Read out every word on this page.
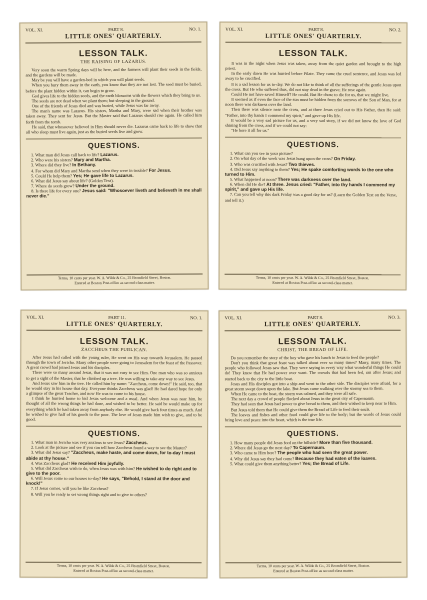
VOL. XI.	PART 8.	NO. 1.
LITTLE ONES' QUARTERLY.
LESSON TALK.
THE RAISING OF LAZARUS.

Very soon the warm Spring days will be here, and the farmers will plant their seeds in the fields, and the gardens will be made.

May be you will have a garden-bed in which you will plant seeds.

When you bury them away in the earth, you know that they are not lost. The seed must be buried, before the plant hidden within it, can begin to grow.

God gives life to the hidden seeds, and the earth blossoms with the flowers which they bring to us.

The seeds are not dead when we plant them; but sleeping in the ground.

One of the friends of Jesus died and was buried, while Jesus was far away.

The man's name was Lazarus. His sisters, Martha and Mary, were sad when their brother was taken away. They sent for Jesus. But the Master said that Lazarus should rise again. He called him forth from the tomb.

He said, that whosoever believed in Him should never die. Lazarus came back to life to show that all who sleep must live again, just as the buried seeds live and grow.

QUESTIONS.
1. What man did Jesus call back to life? Lazarus.
2. Who were his sisters? Mary and Martha.
3. Where did they live? In Bethany.
4. For whom did Mary and Martha send when they were in trouble? For Jesus.
5. Could He help them? Yes; He gave life to Lazarus.
6. What did Jesus say about life? (Golden Text).
7. Where do seeds grow? Under the ground.
8. Is there life for every one? Jesus said: "Whosoever liveth and believeth in me shall never die."
Terms, 10 cents per year. W. A. Wilde & Co., 25 Bromfield Street, Boston.
Entered at Boston Post-office as second-class matter.
VOL. XI.	PART 8.	NO. 2.
LITTLE ONES' QUARTERLY.
LESSON TALK.

It was in the night when Jesus was taken, away from the quiet garden and brought to the high priest.

In the early dawn He was hurried before Pilate. They came the cruel sentence, and Jesus was led away to be crucified.

It is a sad lesson for us to-day. We do not like to think of all the sufferings of the gentle Jesus upon the cross. But He who suffered thus, did not stay dead in the grave; He rose again.

Could He not have saved Himself? He could. But He chose to die for us, that we might live.

It seemed as if even the face of the sun must be hidden from the sorrows of the Son of Man, for at noon there was darkness over the land.

Then there was silence near the cross, and at three Jesus cried out to His Father, then He said: "Father, into thy hands I commend my spirit," and gave up His life.

It would be a very sad picture for us, and a very sad story, if we did not know the love of God shining from the cross, and if we could not say:

"He bore it all for us."

QUESTIONS.
1. What can you see in your picture?
2. On what day of the week was Jesus hung upon the cross? On Friday.
3. Who was crucified with Jesus? Two thieves.
4. Did Jesus say anything to them? Yes; He spake comforting words to the one who turned to Him.
5. What happened at noon? There was darkness over the land.
6. When did He die? At three. Jesus cried: "Father, into thy hands I commend my spirit," and gave up His life.
7. Can you tell why this dark Friday was a good day for us? (Learn the Golden Text on the Verse, and tell it.)
Terms, 10 cents per year. W. A. Wilde & Co., 25 Bromfield Street, Boston.
Entered at Boston Post-office as second-class matter.
VOL. XI.	PART 11.	NO. 1.
LITTLE ONES' QUARTERLY.
LESSON TALK.
ZACCHEUS THE PUBLICAN.

After Jesus had called with the young ruler, He went on His way towards Jerusalem. He passed through the town of Jericho. Many other people were going to Jerusalem for the feast of the Passover. A great crowd had joined Jesus and his disciples.

There were so many around Jesus, that it was not easy to see Him. One man who was so anxious to get a sight of the Master, that he climbed up a tree. He was willing to take any way to see Jesus.

And Jesus saw him in the tree. He called him by name: "Zaccheus, come down!" He said, too, that he would stay in his house that day. Everyone thinks Zaccheus was glad! He had dared hope for only a glimpse of the great Teacher, and now He was to come to his house.

I think he hurried home to bid Jesus welcome and a meal. And when Jesus was near him, he thought of all the wrong things he had done, and wished to be better. He said he would make up for everything which he had taken away from anybody else. He would give back four times as much. And he wished to give half of his goods to the poor. The love of Jesus made him wish to give, and to be good.

QUESTIONS.
1. What man in Jericho was very anxious to see Jesus? Zaccheus.
2. Look at the picture and see if you can tell how Zaccheus found a way to see the Master?
3. What did Jesus say? "Zaccheus, make haste, and come down, for to-day I must abide at thy house."
4. Was Zaccheus glad? He received Him joyfully.
5. What did Zaccheus wish to do, when Jesus was with him? He wished to do right and to give to the poor.
6. Will Jesus come to our houses to-day? He says, "Behold, I stand at the door and knock!"
7. If Jesus comes, will you be like Zaccheus?
8. Will you be ready to set wrong things right and to give to others?
Terms, 10 cents per year. W. A. Wilde & Co., 25 Bromfield Street, Boston.
Entered at Boston Post-office as second-class matter.
VOL. XI.	PART 8.	NO. 3.
LITTLE ONES' QUARTERLY.
LESSON TALK.
CHRIST, THE BREAD OF LIFE.

Do you remember the story of the boy who gave his lunch to Jesus to feed the people?

Don't you think that great feast was talked about ever so many times? Many, many times. The people who followed Jesus saw that. They were saying in every way what wonderful things He could do! They knew that He had power over want. The crowds that had been fed, ran after Jesus; and started back to the city to the little boat.

Jesus and His disciples got into a ship and went to the other side. The disciples were afraid, for a great storm swept down upon the lake. But Jesus came walking over the stormy sea to them.

When He came to the boat, the storm was calmed, and they were all safe.

The next day a crowd of people flocked about Jesus in the great city of Capernaum.

They had seen that Jesus had power to give bread to them, and their wished to keep near to Him.

But Jesus told them that He could give them the Bread of Life to feed their souls.

The loaves and fishes and other food could give life to the body; but the words of Jesus could bring love and peace into the heart, which is the true life.

QUESTIONS.
1. How many people did Jesus feed on the hillside? More than five thousand.
2. Where did Jesus go the next day? To Capernaum.
3. Who came to Him here? The people who had seen the great power.
4. Why did Jesus say they had come? Because they had eaten of the loaves.
5. What could give them anything better? Yes; the Bread of Life.
Terms, 10 cents per year. W. A. Wilde & Co., 25 Bromfield Street, Boston.
Entered at Boston Post-office as second-class matter.
